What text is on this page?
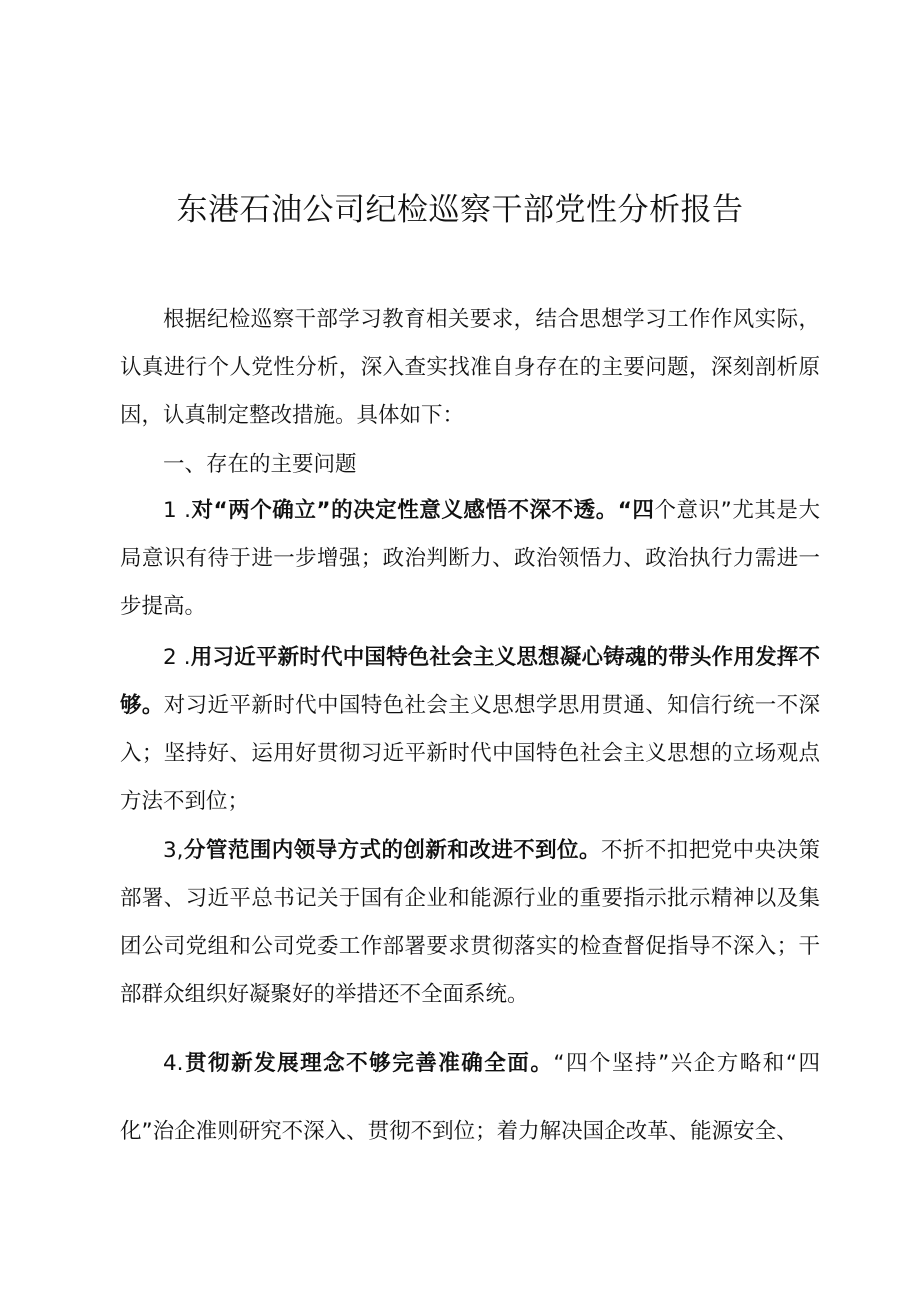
东港石油公司纪检巡察干部党性分析报告

根据纪检巡察干部学习教育相关要求，结合思想学习工作作风实际，认真进行个人党性分析，深入查实找准自身存在的主要问题，深刻剖析原因，认真制定整改措施。具体如下：

一、存在的主要问题

1 .对“两个确立”的决定性意义感悟不深不透。“四个意识”尤其是大局意识有待于进一步增强；政治判断力、政治领悟力、政治执行力需进一步提高。

2 .用习近平新时代中国特色社会主义思想凝心铸魂的带头作用发挥不够。对习近平新时代中国特色社会主义思想学思用贯通、知信行统一不深入；坚持好、运用好贯彻习近平新时代中国特色社会主义思想的立场观点方法不到位；

3,分管范围内领导方式的创新和改进不到位。不折不扣把党中央决策部署、习近平总书记关于国有企业和能源行业的重要指示批示精神以及集团公司党组和公司党委工作部署要求贯彻落实的检查督促指导不深入；干部群众组织好凝聚好的举措还不全面系统。

4.贯彻新发展理念不够完善准确全面。“四个坚持”兴企方略和“四化”治企准则研究不深入、贯彻不到位；着力解决国企改革、能源安全、
